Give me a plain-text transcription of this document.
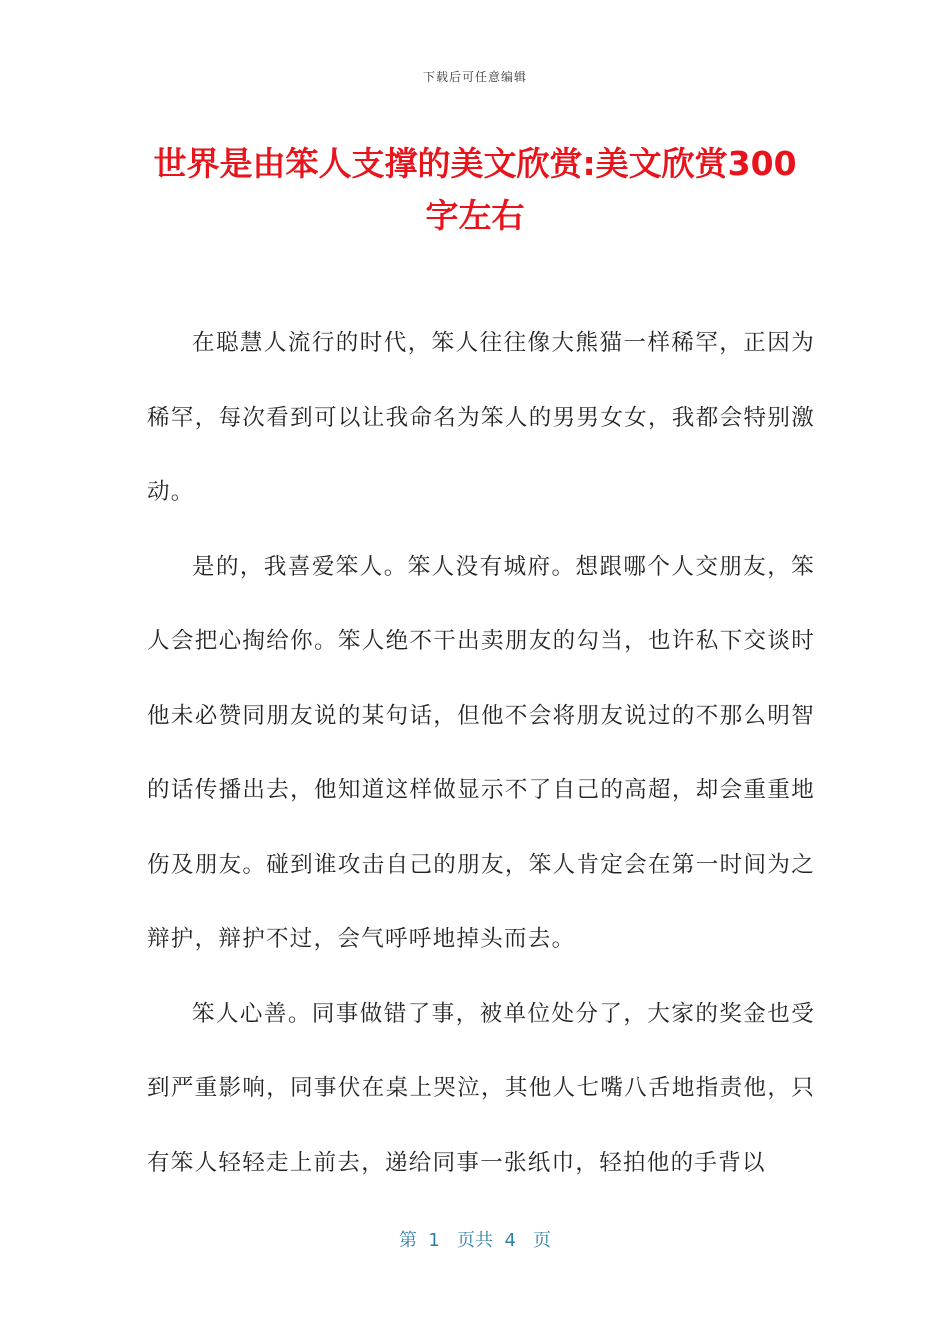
下载后可任意编辑
世界是由笨人支撑的美文欣赏:美文欣赏300字左右

在聪慧人流行的时代，笨人往往像大熊猫一样稀罕，正因为稀罕，每次看到可以让我命名为笨人的男男女女，我都会特别激动。

是的，我喜爱笨人。笨人没有城府。想跟哪个人交朋友，笨人会把心掏给你。笨人绝不干出卖朋友的勾当，也许私下交谈时他未必赞同朋友说的某句话，但他不会将朋友说过的不那么明智的话传播出去，他知道这样做显示不了自己的高超，却会重重地伤及朋友。碰到谁攻击自己的朋友，笨人肯定会在第一时间为之辩护，辩护不过，会气呼呼地掉头而去。

笨人心善。同事做错了事，被单位处分了，大家的奖金也受到严重影响，同事伏在桌上哭泣，其他人七嘴八舌地指责他，只有笨人轻轻走上前去，递给同事一张纸巾，轻拍他的手背以

第  1   页共  4   页
